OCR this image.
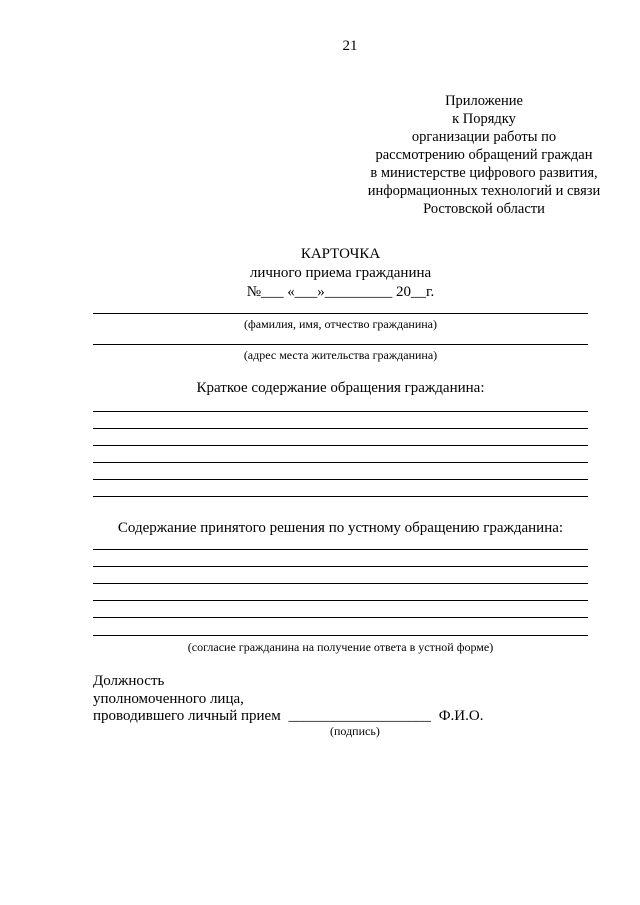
21
Приложение
к Порядку
организации работы по
рассмотрению обращений граждан
в министерстве цифрового развития,
информационных технологий и связи
Ростовской области
КАРТОЧКА
личного приема гражданина
№___ «___»_________ 20__г.
(фамилия, имя, отчество гражданина)
(адрес места жительства гражданина)
Краткое содержание обращения гражданина:
Содержание принятого решения по устному обращению гражданина:
(согласие гражданина на получение ответа в устной форме)
Должность
уполномоченного лица,
проводившего личный прием ___________________ Ф.И.О.
(подпись)
